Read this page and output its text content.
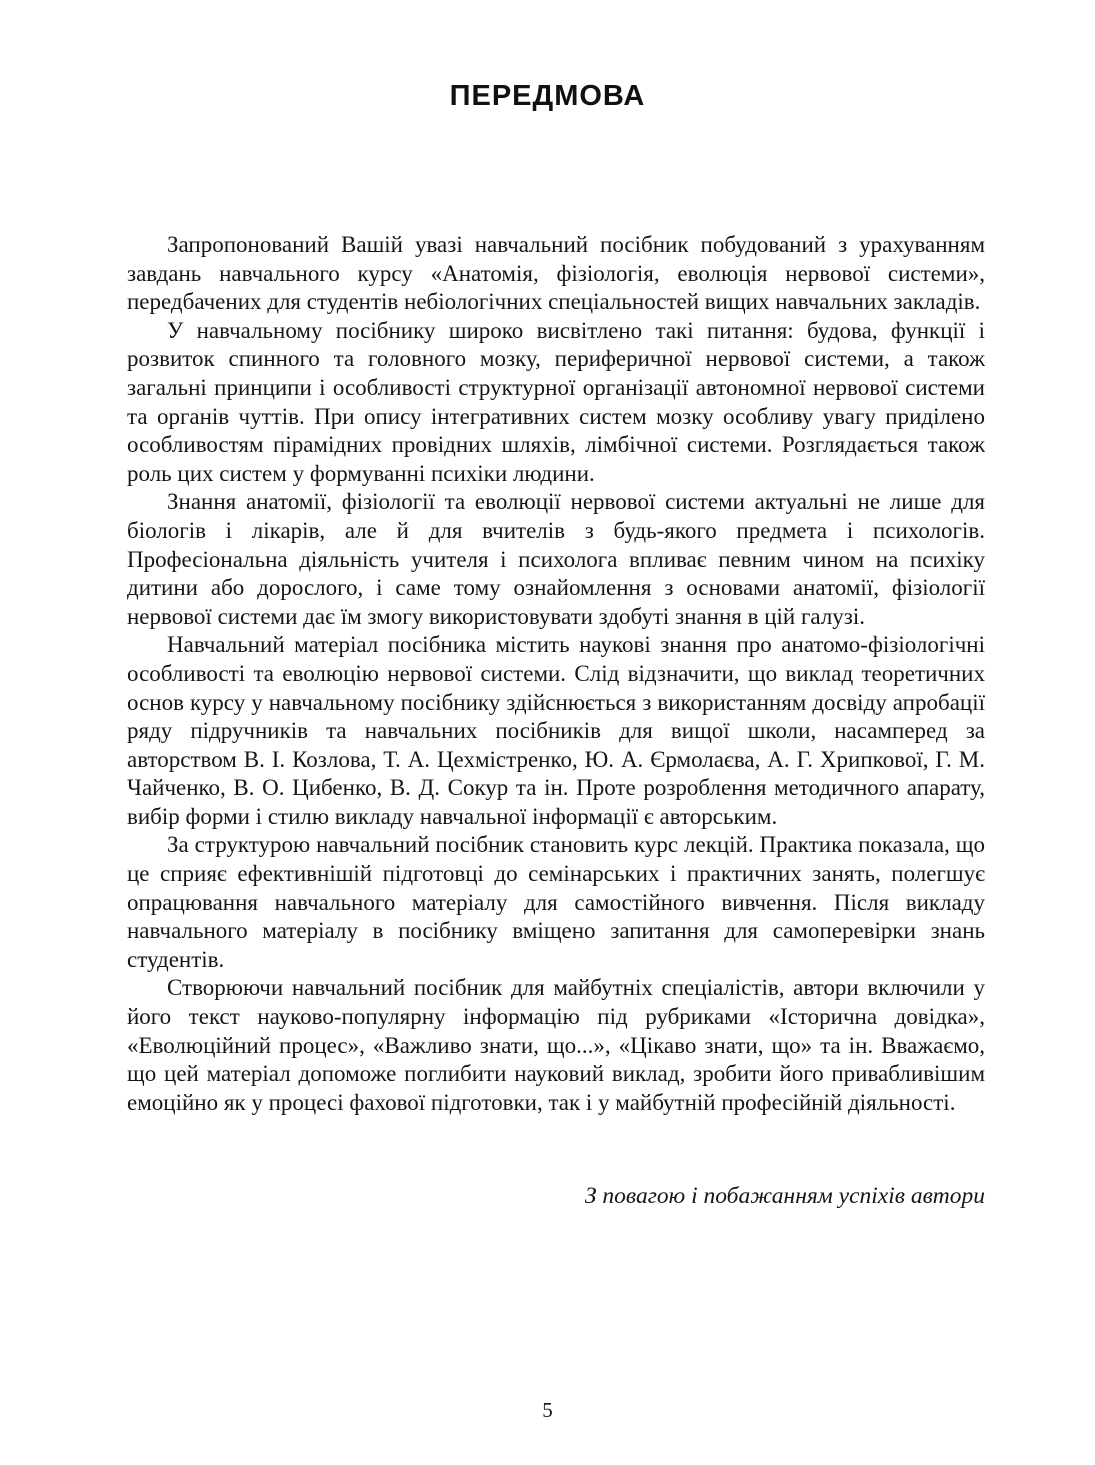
ПЕРЕДМОВА

Запропонований Вашій увазі навчальний посібник побудований з урахуванням завдань навчального курсу «Анатомія, фізіологія, еволюція нервової системи», передбачених для студентів небіологічних спеціальностей вищих навчальних закладів.

У навчальному посібнику широко висвітлено такі питання: будова, функції і розвиток спинного та головного мозку, периферичної нервової системи, а також загальні принципи і особливості структурної організації автономної нервової системи та органів чуттів. При опису інтегративних систем мозку особливу увагу приділено особливостям пірамідних провідних шляхів, лімбічної системи. Розглядається також роль цих систем у формуванні психіки людини.

Знання анатомії, фізіології та еволюції нервової системи актуальні не лише для біологів і лікарів, але й для вчителів з будь-якого предмета і психологів. Професіональна діяльність учителя і психолога впливає певним чином на психіку дитини або дорослого, і саме тому ознайомлення з основами анатомії, фізіології нервової системи дає їм змогу використовувати здобуті знання в цій галузі.

Навчальний матеріал посібника містить наукові знання про анатомо-фізіологічні особливості та еволюцію нервової системи. Слід відзначити, що виклад теоретичних основ курсу у навчальному посібнику здійснюється з використанням досвіду апробації ряду підручників та навчальних посібників для вищої школи, насамперед за авторством В. І. Козлова, Т. А. Цехмістренко, Ю. А. Єрмолаєва, А. Г. Хрипкової, Г. М. Чайченко, В. О. Цибенко, В. Д. Сокур та ін. Проте розроблення методичного апарату, вибір форми і стилю викладу навчальної інформації є авторським.

За структурою навчальний посібник становить курс лекцій. Практика показала, що це сприяє ефективнішій підготовці до семінарських і практичних занять, полегшує опрацювання навчального матеріалу для самостійного вивчення. Після викладу навчального матеріалу в посібнику вміщено запитання для самоперевірки знань студентів.

Створюючи навчальний посібник для майбутніх спеціалістів, автори включили у його текст науково-популярну інформацію під рубриками «Історична довідка», «Еволюційний процес», «Важливо знати, що...», «Цікаво знати, що» та ін. Вважаємо, що цей матеріал допоможе поглибити науковий виклад, зробити його привабливішим емоційно як у процесі фахової підготовки, так і у майбутній професійній діяльності.

З повагою і побажанням успіхів автори
5
